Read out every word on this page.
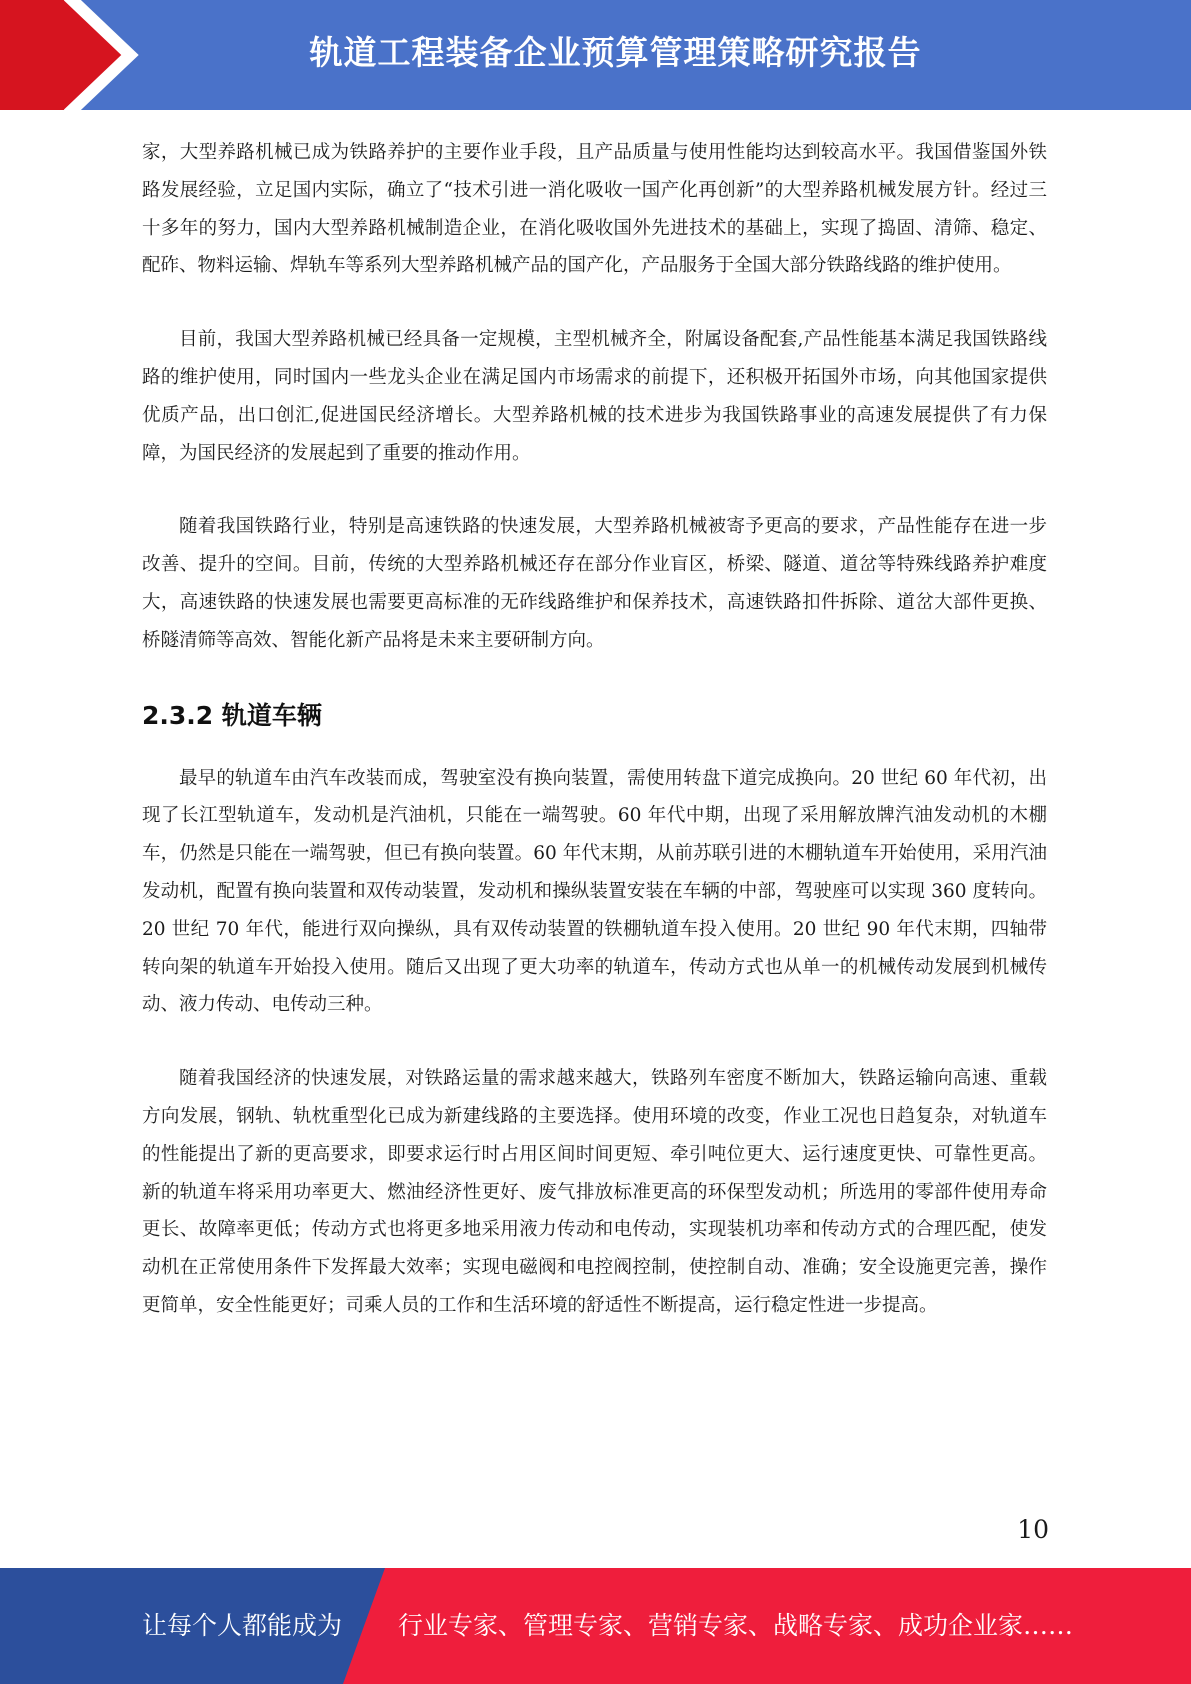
轨道工程装备企业预算管理策略研究报告

家，大型养路机械已成为铁路养护的主要作业手段，且产品质量与使用性能均达到较高水平。我国借鉴国外铁路发展经验，立足国内实际，确立了“技术引进一消化吸收一国产化再创新”的大型养路机械发展方针。经过三十多年的努力，国内大型养路机械制造企业，在消化吸收国外先进技术的基础上，实现了捣固、清筛、稳定、配砟、物料运输、焊轨车等系列大型养路机械产品的国产化，产品服务于全国大部分铁路线路的维护使用。

目前，我国大型养路机械已经具备一定规模，主型机械齐全，附属设备配套,产品性能基本满足我国铁路线路的维护使用，同时国内一些龙头企业在满足国内市场需求的前提下，还积极开拓国外市场，向其他国家提供优质产品，出口创汇,促进国民经济增长。大型养路机械的技术进步为我国铁路事业的高速发展提供了有力保障，为国民经济的发展起到了重要的推动作用。

随着我国铁路行业，特别是高速铁路的快速发展，大型养路机械被寄予更高的要求，产品性能存在进一步改善、提升的空间。目前，传统的大型养路机械还存在部分作业盲区，桥梁、隧道、道岔等特殊线路养护难度大，高速铁路的快速发展也需要更高标准的无砟线路维护和保养技术，高速铁路扣件拆除、道岔大部件更换、桥隧清筛等高效、智能化新产品将是未来主要研制方向。

2.3.2 轨道车辆

最早的轨道车由汽车改装而成，驾驶室没有换向装置，需使用转盘下道完成换向。20 世纪 60 年代初，出现了长江型轨道车，发动机是汽油机，只能在一端驾驶。60 年代中期，出现了采用解放牌汽油发动机的木棚车，仍然是只能在一端驾驶，但已有换向装置。60 年代末期，从前苏联引进的木棚轨道车开始使用，采用汽油发动机，配置有换向装置和双传动装置，发动机和操纵装置安装在车辆的中部，驾驶座可以实现 360 度转向。20 世纪 70 年代，能进行双向操纵，具有双传动装置的铁棚轨道车投入使用。20 世纪 90 年代末期，四轴带转向架的轨道车开始投入使用。随后又出现了更大功率的轨道车，传动方式也从单一的机械传动发展到机械传动、液力传动、电传动三种。

随着我国经济的快速发展，对铁路运量的需求越来越大，铁路列车密度不断加大，铁路运输向高速、重载方向发展，钢轨、轨枕重型化已成为新建线路的主要选择。使用环境的改变，作业工况也日趋复杂，对轨道车的性能提出了新的更高要求，即要求运行时占用区间时间更短、牵引吨位更大、运行速度更快、可靠性更高。新的轨道车将采用功率更大、燃油经济性更好、废气排放标准更高的环保型发动机；所选用的零部件使用寿命更长、故障率更低；传动方式也将更多地采用液力传动和电传动，实现装机功率和传动方式的合理匹配，使发动机在正常使用条件下发挥最大效率；实现电磁阀和电控阀控制，使控制自动、准确；安全设施更完善，操作更简单，安全性能更好；司乘人员的工作和生活环境的舒适性不断提高，运行稳定性进一步提高。

10
让每个人都能成为 行业专家、管理专家、营销专家、战略专家、成功企业家……
